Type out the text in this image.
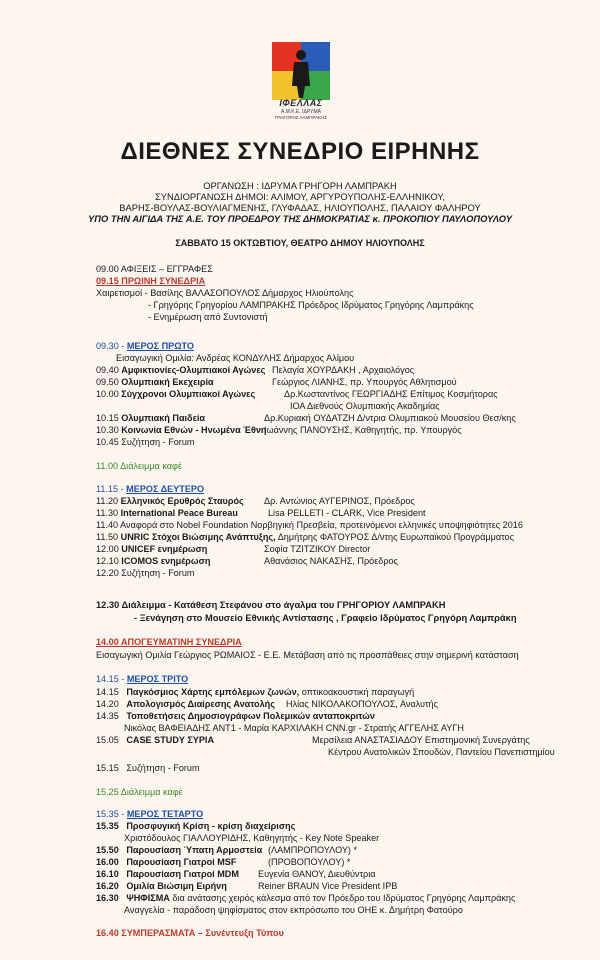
ΙΦΕΛΛΑΣ
Α.Μ.Κ.Ε. ΙΔΡΥΜΑ
ΓΡΗΓΟΡΗΣ ΛΑΜΠΡΑΚΗΣ
ΔΙΕΘΝΕΣ ΣΥΝΕΔΡΙΟ ΕΙΡΗΝΗΣ
ΟΡΓΑΝΩΣΗ : ΙΔΡΥΜΑ ΓΡΗΓΟΡΗ ΛΑΜΠΡΑΚΗ
ΣΥΝΔΙΟΡΓΑΝΩΣΗ ΔΗΜΟΙ: ΑΛΙΜΟΥ, ΑΡΓΥΡΟΥΠΟΛΗΣ-ΕΛΛΗΝΙΚΟΥ,
ΒΑΡΗΣ-ΒΟΥΛΑΣ-ΒΟΥΛΙΑΓΜΕΝΗΣ, ΓΛΥΦΑΔΑΣ, ΗΛΙΟΥΠΟΛΗΣ, ΠΑΛΑΙΟΥ ΦΑΛΗΡΟΥ
ΥΠΟ ΤΗΝ ΑΙΓΙΔΑ ΤΗΣ Α.Ε. ΤΟΥ ΠΡΟΕΔΡΟΥ ΤΗΣ ΔΗΜΟΚΡΑΤΙΑΣ κ. ΠΡΟΚΟΠΙΟΥ ΠΑΥΛΟΠΟΥΛΟΥ
ΣΑΒΒΑΤΟ 15 ΟΚΤΩΒΤΙΟΥ, ΘΕΑΤΡΟ ΔΗΜΟΥ ΗΛΙΟΥΠΟΛΗΣ
09.00 ΑΦΙΞΕΙΣ – ΕΓΓΡΑΦΕΣ
09.15 ΠΡΩΙΝΗ ΣΥΝΕΔΡΙΑ
Χαιρετισμοί - Βασίλης ΒΑΛΑΣΟΠΟΥΛΟΣ Δήμαρχος Ηλιούπολης
- Γρηγόρης Γρηγορίου ΛΑΜΠΡΑΚΗΣ Πρόεδρος Ιδρύματος Γρηγόρης Λαμπράκης
- Ενημέρωση από Συντονιστή
09.30 - ΜΕΡΟΣ ΠΡΩΤΟ
Εισαγωγική Ομιλία: Ανδρέας ΚΟΝΔΥΛΗΣ Δήμαρχος Αλίμου
09.40 Αμφικτιονίες-Ολυμπιακοί Αγώνες Πελαγία ΧΟΥΡΔΑΚΗ , Αρχαιολόγος
09.50 Ολυμπιακή Εκεχειρία	Γεώργιος ΛΙΑΝΗΣ, πρ. Υπουργός Αθλητισμού
10.00 Σύγχρονοι Ολυμπιακοί Αγώνες	Δρ.Κωσταντίνος ΓΕΩΡΓΙΑΔΗΣ Επίτιμος Κοσμήτορας
ΙΟΑ Διεθνούς Ολυμπιακής Ακαδημίας
10.15 Ολυμπιακή Παιδεία	Δρ.Κυριακή ΟΥΔΑΤΖΗ Δ/ντρια Ολυμπιακού Μουσείου Θεσ/κης
10.30 Κοινωνία Εθνών - Ηνωμένα Έθνη
Ιωάννης ΠΑΝΟΥΣΗΣ, Καθηγητής, πρ. Υπουργός
10.45 Συζήτηση - Forum
11.00 Διάλειμμα καφέ
11.15 - ΜΕΡΟΣ ΔΕΥΤΕΡΟ
11.20 Ελληνικός Ερυθρός Σταυρός Δρ. Αντώνιος ΑΥΓΕΡΙΝΟΣ, Πρόεδρος
11.30 International Peace Bureau	Lisa PELLETI - CLARK, Vice President
11.40 Αναφορά στο Nobel Foundation Νορβηγική Πρεσβεία, προτεινόμενοι ελληνικές υποψηφιότητες 2016
11.50 UNRIC Στόχοι Βιώσιμης Ανάπτυξης, Δημήτρης ΦΑΤΟΥΡΟΣ Δ/ντης Ευρωπαϊκού Προγράμματος
12.00 UNICEF ενημέρωση	Σοφία ΤΖΙΤΖΙΚΟΥ Director
12.10 ICOMOS ενημέρωση	Αθανάσιος ΝΑΚΑΣΗΣ, Πρόεδρος
12.20 Συζήτηση - Forum
12.30 Διάλειμμα - Κατάθεση Στεφάνου στο άγαλμα του ΓΡΗΓΟΡΙΟΥ ΛΑΜΠΡΑΚΗ
- Ξενάγηση στο Μουσείο Εθνικής Αντίστασης , Γραφείο Ιδρύματος Γρηγόρη Λαμπράκη
14.00 ΑΠΟΓΕΥΜΑΤΙΝΗ ΣΥΝΕΔΡΙΑ
Εισαγωγική Ομιλία Γεώργιος ΡΩΜΑΙΟΣ - Ε.Ε. Μετάβαση από τις προσπάθειες στην σημερινή κατάσταση
14.15 - ΜΕΡΟΣ ΤΡΙΤΟ
14.15 Παγκόσμιος Χάρτης εμπόλεμων ζωνών, οπτικοακουστική παραγωγή
14.20 Απολογισμός Διαίρεσης Ανατολής Ηλίας ΝΙΚΟΛΑΚΟΠΟΥΛΟΣ, Αναλυτής
14.35 Τοποθετήσεις Δημοσιογράφων Πολεμικών ανταποκριτών
Νικόλας ΒΑΦΕΙΑΔΗΣ ΑΝΤ1 - Μαρία ΚΑΡΧΙΛΑΚΗ CNN.gr - Στρατής ΑΓΓΕΛΗΣ ΑΥΓΗ
15.05 CASE STUDY ΣΥΡΙΑ	Μερσίλεια ΑΝΑΣΤΑΣΙΑΔΟΥ Επιστημονική Συνεργάτης
Κέντρου Ανατολικών Σπουδών, Παντείου Πανεπιστημίου
15.15 Συζήτηση - Forum
15.25 Διάλειμμα καφέ
15.35 - ΜΕΡΟΣ ΤΕΤΑΡΤΟ
15.35 Προσφυγική Κρίση - κρίση διαχείρισης
Χριστόδουλος ΓΙΑΛΛΟΥΡΙΔΗΣ, Καθηγητής - Key Note Speaker
15.50 Παρουσίαση Ύπατη Αρμοστεία (ΛΑΜΠΡΟΠΟΥΛΟΥ) *
16.00 Παρουσίαση Γιατροί MSF	(ΠΡΟΒΟΠΟΥΛΟΥ) *
16.10 Παρουσίαση Γιατροί MDM Ευγενία ΘΑΝΟΥ, Διευθύντρια
16.20 Ομιλία Βιώσιμη Ειρήνη	Reiner BRAUN Vice President IPB
16.30 ΨΗΦΙΣΜΑ δια ανάτασης χειρός κάλεσμα από τον Πρόεδρο του Ιδρύματος Γρηγόρης Λαμπράκης
Αναγγελία - παράδοση ψηφίσματος στον εκπρόσωπο του ΟΗΕ κ. Δημήτρη Φατούρο
16.40 ΣΥΜΠΕΡΑΣΜΑΤΑ – Συνέντευξη Τύπου
